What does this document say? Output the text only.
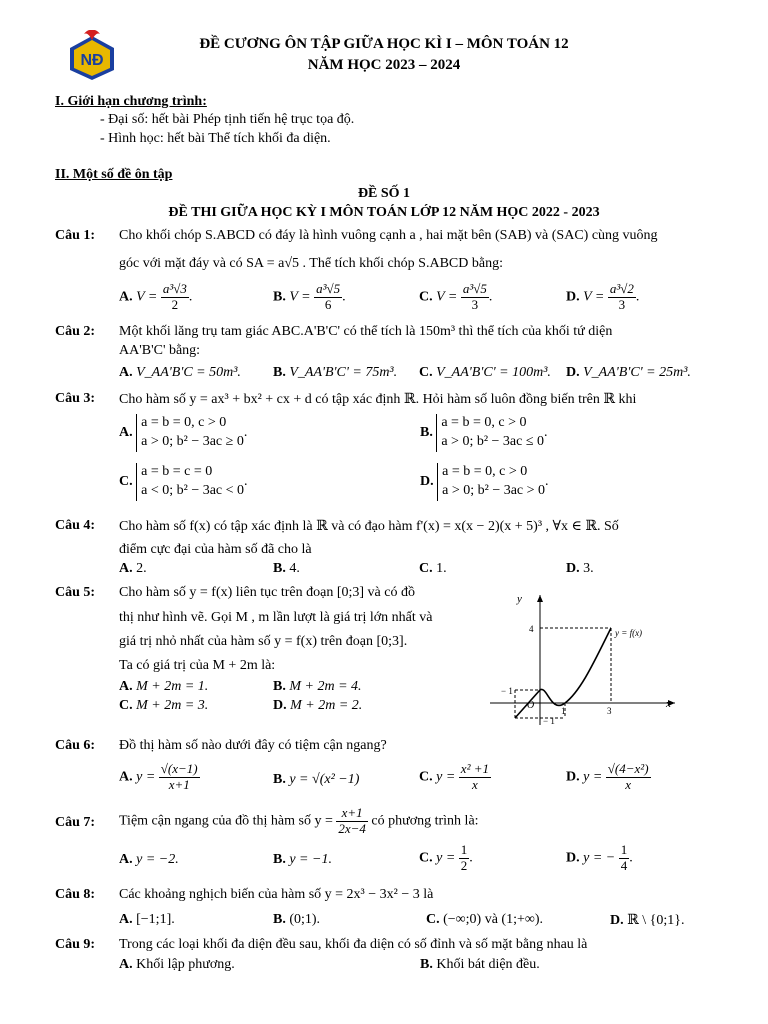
NĐ
ĐỀ CƯƠNG ÔN TẬP GIỮA HỌC KÌ I – MÔN TOÁN 12
NĂM HỌC 2023 – 2024
I. Giới hạn chương trình:
- Đại số: hết bài Phép tịnh tiến hệ trục tọa độ.
- Hình học: hết bài Thể tích khối đa diện.
II. Một số đề ôn tập
ĐỀ SỐ 1
ĐỀ THI GIỮA HỌC KỲ I MÔN TOÁN LỚP 12 NĂM HỌC 2022 - 2023
Câu 1: Cho khối chóp S.ABCD có đáy là hình vuông cạnh a , hai mặt bên (SAB) và (SAC) cùng vuông
góc với mặt đáy và có SA = a√5 . Thể tích khối chóp S.ABCD bằng:
A. $V = \frac{\text{a³√3}}{2}$ .	B. $V = \frac{\text{a³√5}}{6}$ .	C. $V = \frac{\text{a³√5}}{3}$ .	D. $V = \frac{\text{a³√2}}{3}$ .
Câu 2: Một khối lăng trụ tam giác ABC.A'B'C' có thể tích là 150m³ thì thể tích của khối tứ diện
AA'B'C' bằng:
A. V_AA'B'C = 50m³. B. V_AA'B'C' = 75m³. C. V_AA'B'C' = 100m³. D. V_AA'B'C' = 25m³.
Câu 3: Cho hàm số y = ax³ + bx² + cx + d có tập xác định ℝ. Hỏi hàm số luôn đồng biến trên ℝ khi
A. a = b = 0, c > 0
a > 0; b² − 3ac ≥ 0.	B. a = b = 0, c > 0
a > 0; b² − 3ac ≤ 0.
C. a = b = c = 0
a < 0; b² − 3ac < 0.	D. a = b = 0, c > 0
a > 0; b² − 3ac > 0.
Câu 4: Cho hàm số f(x) có tập xác định là ℝ và có đạo hàm f'(x) = x(x − 2)(x + 5)³ , ∀x ∈ ℝ. Số
điểm cực đại của hàm số đã cho là
A. 2.	B. 4.	C. 1.	D. 3.
Câu 5: Cho hàm số y = f(x) liên tục trên đoạn [0;3] và có đồ
thị như hình vẽ. Gọi M , m lần lượt là giá trị lớn nhất và
giá trị nhỏ nhất của hàm số y = f(x) trên đoạn [0;3].
Ta có giá trị của M + 2m là:
A. M + 2m = 1.	B. M + 2m = 4.
C. M + 2m = 3.	D. M + 2m = 2.
y
x
y = f(x)
4
− 1
O	1	3
− 1
Câu 6: Đồ thị hàm số nào dưới đây có tiệm cận ngang?
A. $y = \frac{√(x-1)}{x+1}$	B. y = √(x² −1)	C. $y = \frac{\text{x² +1}}{x}$	D. $y = \frac{\text{√(4−x²)}}{x}$
Câu 7: Tiệm cận ngang của đồ thị hàm số $y = \frac{x+1}{2x-4}$ có phương trình là:
A. y = −2.	B. y = −1.	C. $y = \frac{1}{2}$ .	D. y = − $\frac{1}{4}$ .
Câu 8: Các khoảng nghịch biến của hàm số y = 2x³ − 3x² − 3 là
A. [−1;1].	B. (0;1).	C. (−∞;0) và (1;+∞).	D. ℝ \ {0;1}.
Câu 9: Trong các loại khối đa diện đều sau, khối đa diện có số đỉnh và số mặt bằng nhau là
A. Khối lập phương.	B. Khối bát diện đều.
